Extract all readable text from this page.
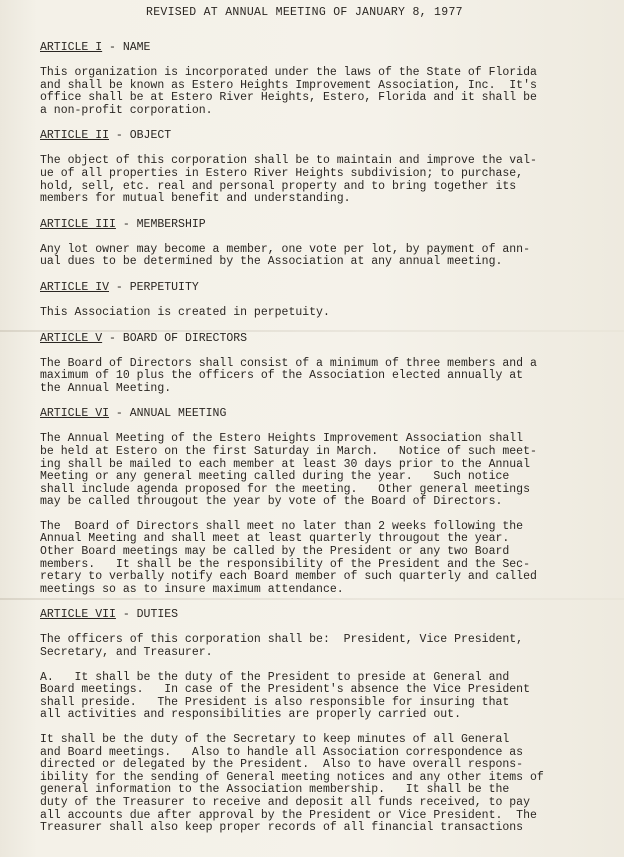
REVISED AT ANNUAL MEETING OF JANUARY 8, 1977
ARTICLE I - NAME
This organization is incorporated under the laws of the State of Florida
and shall be known as Estero Heights Improvement Association, Inc.  It's
office shall be at Estero River Heights, Estero, Florida and it shall be
a non-profit corporation.
ARTICLE II - OBJECT
The object of this corporation shall be to maintain and improve the val-
ue of all properties in Estero River Heights subdivision; to purchase,
hold, sell, etc. real and personal property and to bring together its
members for mutual benefit and understanding.
ARTICLE III - MEMBERSHIP
Any lot owner may become a member, one vote per lot, by payment of ann-
ual dues to be determined by the Association at any annual meeting.
ARTICLE IV - PERPETUITY
This Association is created in perpetuity.
ARTICLE V - BOARD OF DIRECTORS
The Board of Directors shall consist of a minimum of three members and a
maximum of 10 plus the officers of the Association elected annually at
the Annual Meeting.
ARTICLE VI - ANNUAL MEETING
The Annual Meeting of the Estero Heights Improvement Association shall
be held at Estero on the first Saturday in March.   Notice of such meet-
ing shall be mailed to each member at least 30 days prior to the Annual
Meeting or any general meeting called during the year.   Such notice
shall include agenda proposed for the meeting.   Other general meetings
may be called througout the year by vote of the Board of Directors.
The  Board of Directors shall meet no later than 2 weeks following the
Annual Meeting and shall meet at least quarterly througout the year.
Other Board meetings may be called by the President or any two Board
members.   It shall be the responsibility of the President and the Sec-
retary to verbally notify each Board member of such quarterly and called
meetings so as to insure maximum attendance.
ARTICLE VII - DUTIES
The officers of this corporation shall be:  President, Vice President,
Secretary, and Treasurer.
A.   It shall be the duty of the President to preside at General and
Board meetings.   In case of the President's absence the Vice President
shall preside.   The President is also responsible for insuring that
all activities and responsibilities are properly carried out.
It shall be the duty of the Secretary to keep minutes of all General
and Board meetings.   Also to handle all Association correspondence as
directed or delegated by the President.  Also to have overall respons-
ibility for the sending of General meeting notices and any other items of
general information to the Association membership.   It shall be the
duty of the Treasurer to receive and deposit all funds received, to pay
all accounts due after approval by the President or Vice President.  The
Treasurer shall also keep proper records of all financial transactions
